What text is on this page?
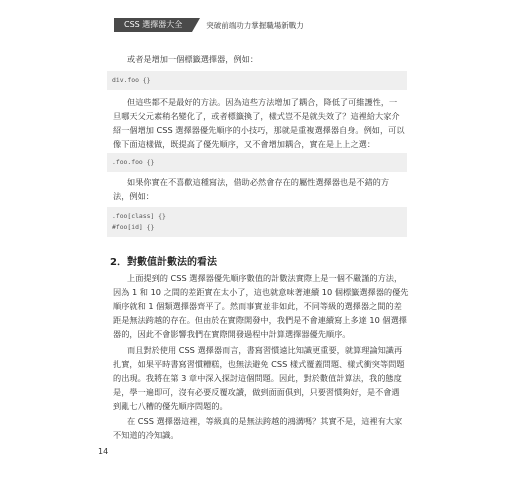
CSS 選擇器大全	突破前端功力掌握職場新戰力
或者是增加一個標籤選擇器，例如：
div.foo {}
但這些都不是最好的方法。因為這些方法增加了耦合，降低了可維護性，一
旦哪天父元素稍名變化了，或者標籤換了，樣式豈不是就失效了？這裡給大家介
紹一個增加 CSS 選擇器優先順序的小技巧，那就是重複選擇器自身。例如，可以
像下面這樣做，既提高了優先順序，又不會增加耦合，實在是上上之選：
.foo.foo {}
如果你實在不喜歡這種寫法，借助必然會存在的屬性選擇器也是不錯的方
法，例如：
.foo[class] {}
#foo[id] {}
2．對數值計數法的看法
上面提到的 CSS 選擇器優先順序數值的計數法實際上是一個不嚴謹的方法，
因為 1 和 10 之間的差距實在太小了，這也就意味著連續 10 個標籤選擇器的優先
順序就和 1 個類選擇器齊平了。然而事實並非如此，不同等級的選擇器之間的差
距是無法跨越的存在。但由於在實際開發中，我們是不會連續寫上多達 10 個選擇
器的，因此不會影響我們在實際開發過程中計算選擇器優先順序。
而且對於使用 CSS 選擇器而言，書寫習慣遠比知識更重要，就算理論知識再
扎實，如果平時書寫習慣糟糕，也無法避免 CSS 樣式覆蓋問題、樣式衝突等問題
的出現。我將在第 3 章中深入探討這個問題。因此，對於數值計算法，我的態度
是，學一遍即可，沒有必要反覆攻讀，做到面面俱到，只要習慣夠好，是不會遇
到亂七八糟的優先順序問題的。
在 CSS 選擇器這裡，等級真的是無法跨越的鴻溝嗎？其實不是，這裡有大家
不知道的冷知識。
14
